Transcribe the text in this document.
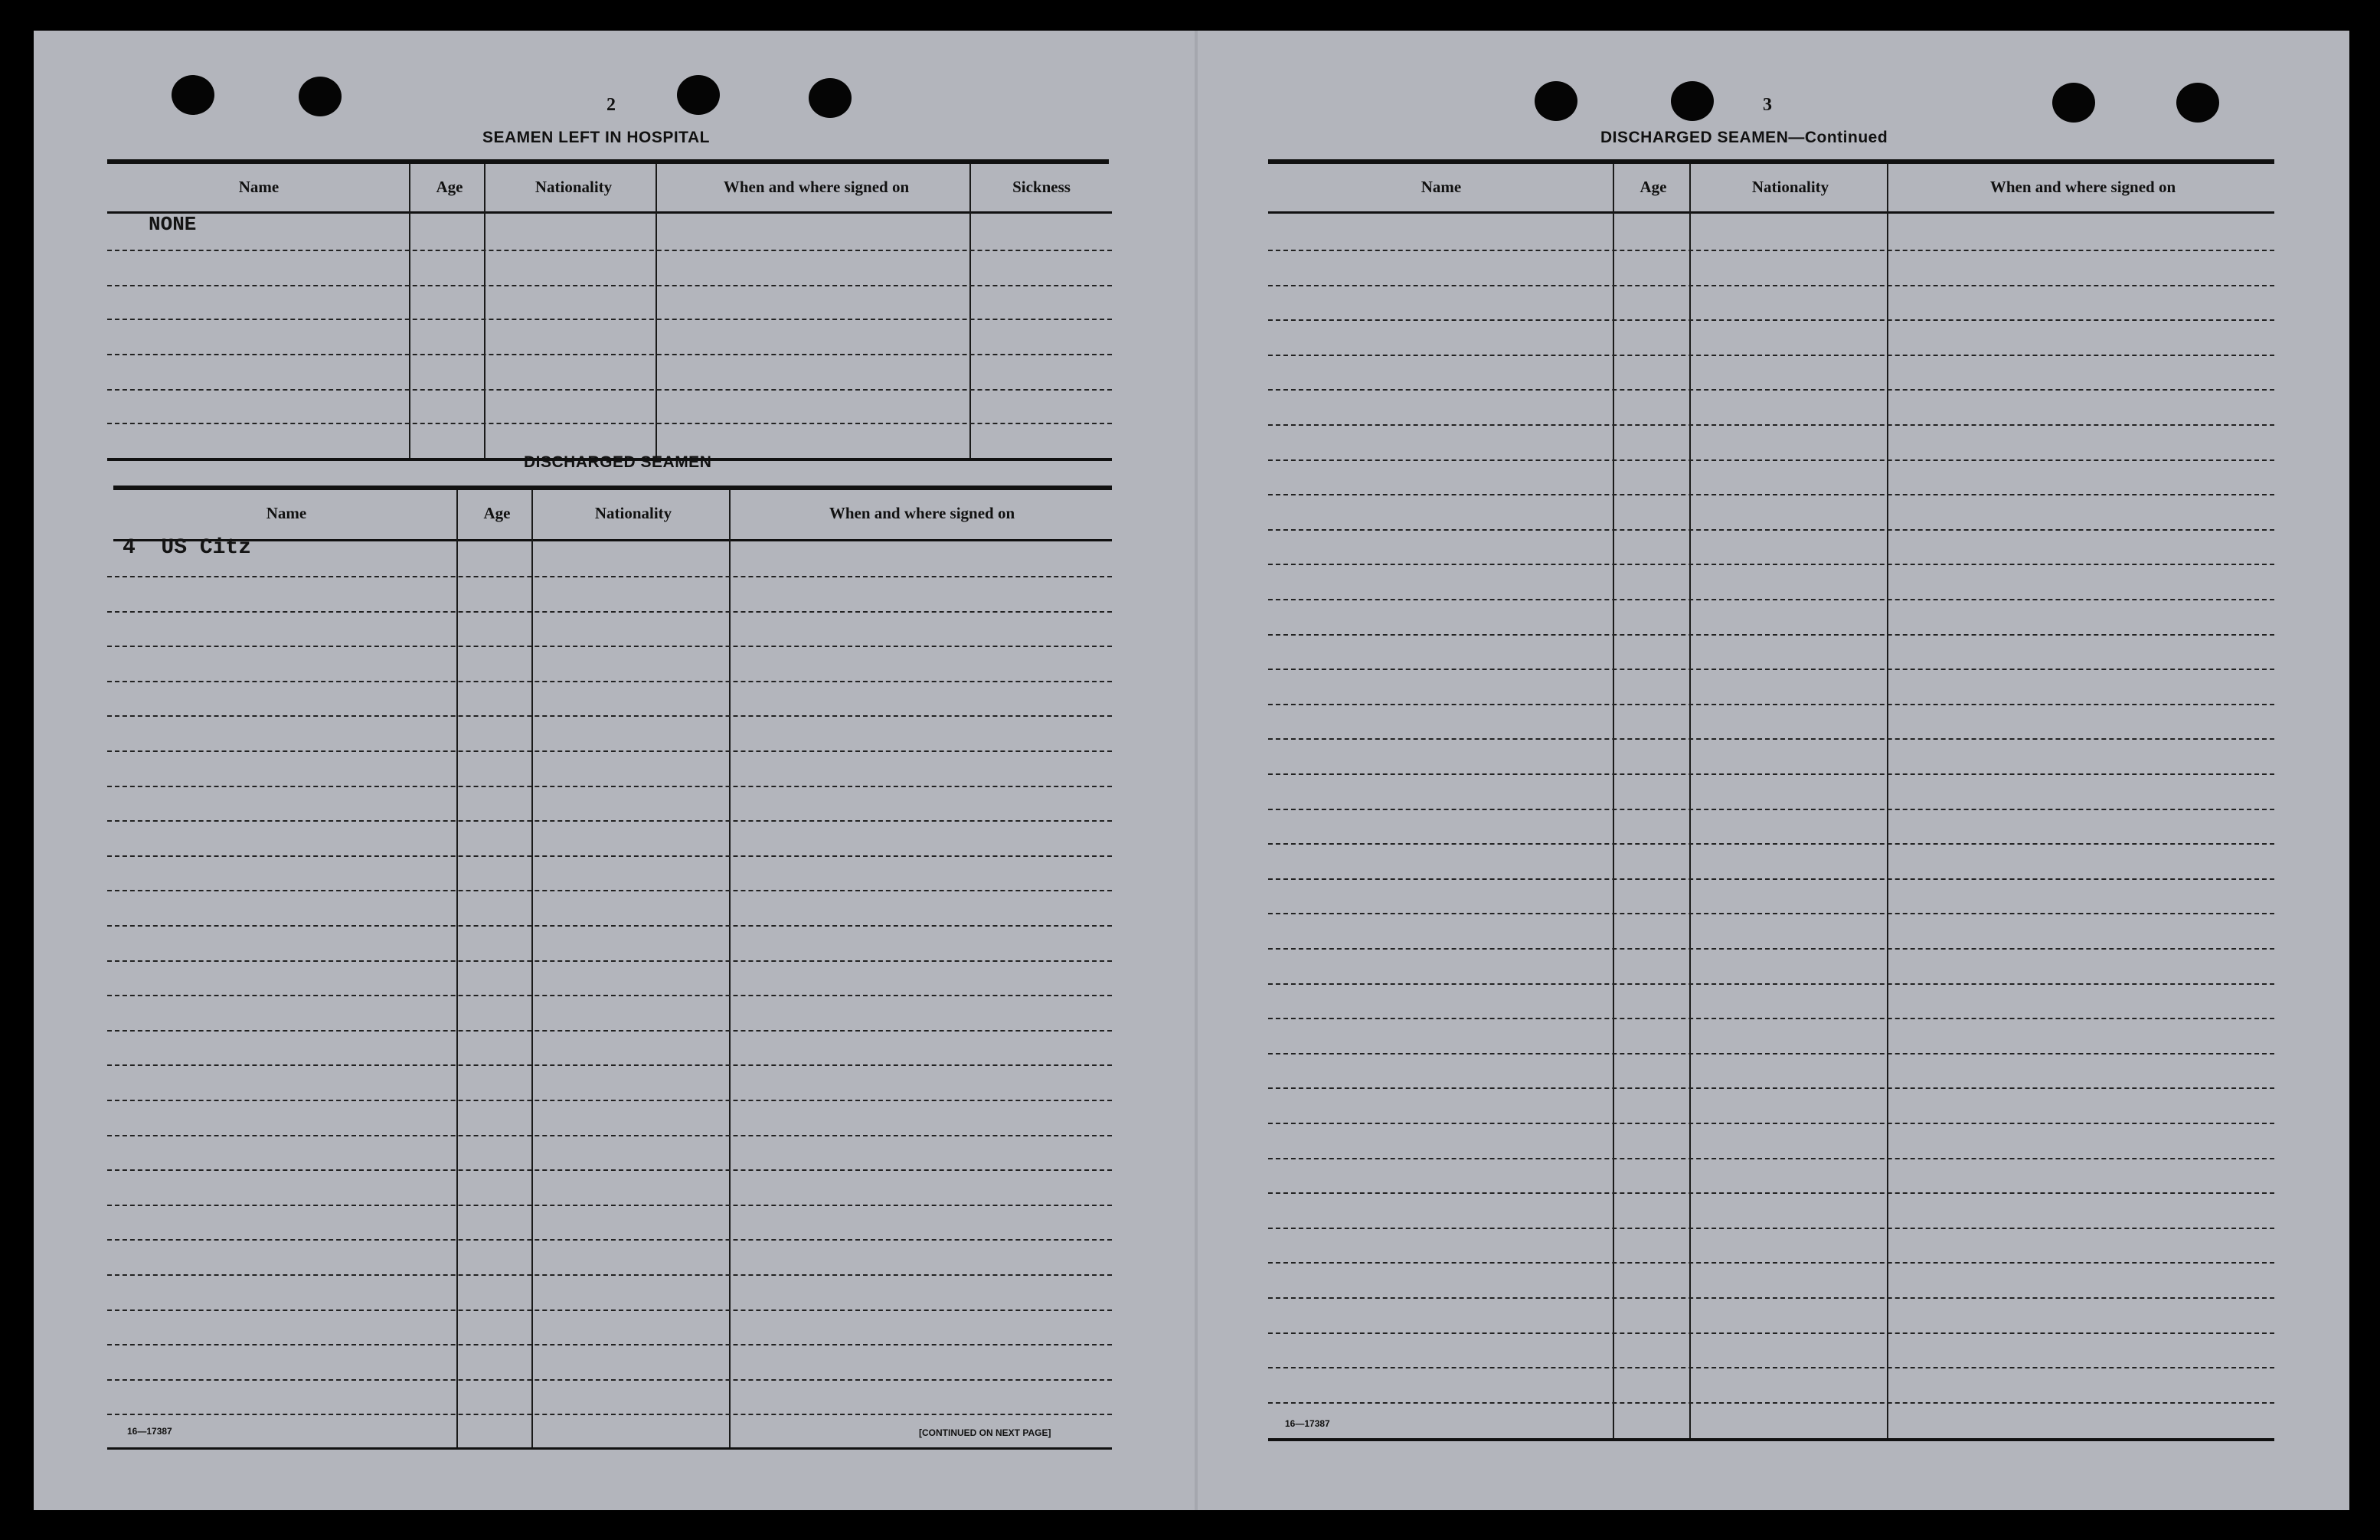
2
SEAMEN LEFT IN HOSPITAL
Name	Age	Nationality	When and where signed on	Sickness
NONE
DISCHARGED SEAMEN
Name	Age	Nationality	When and where signed on
4  US Citz
16—17387	[CONTINUED ON NEXT PAGE]
3
DISCHARGED SEAMEN—Continued
Name	Age	Nationality	When and where signed on
16—17387
